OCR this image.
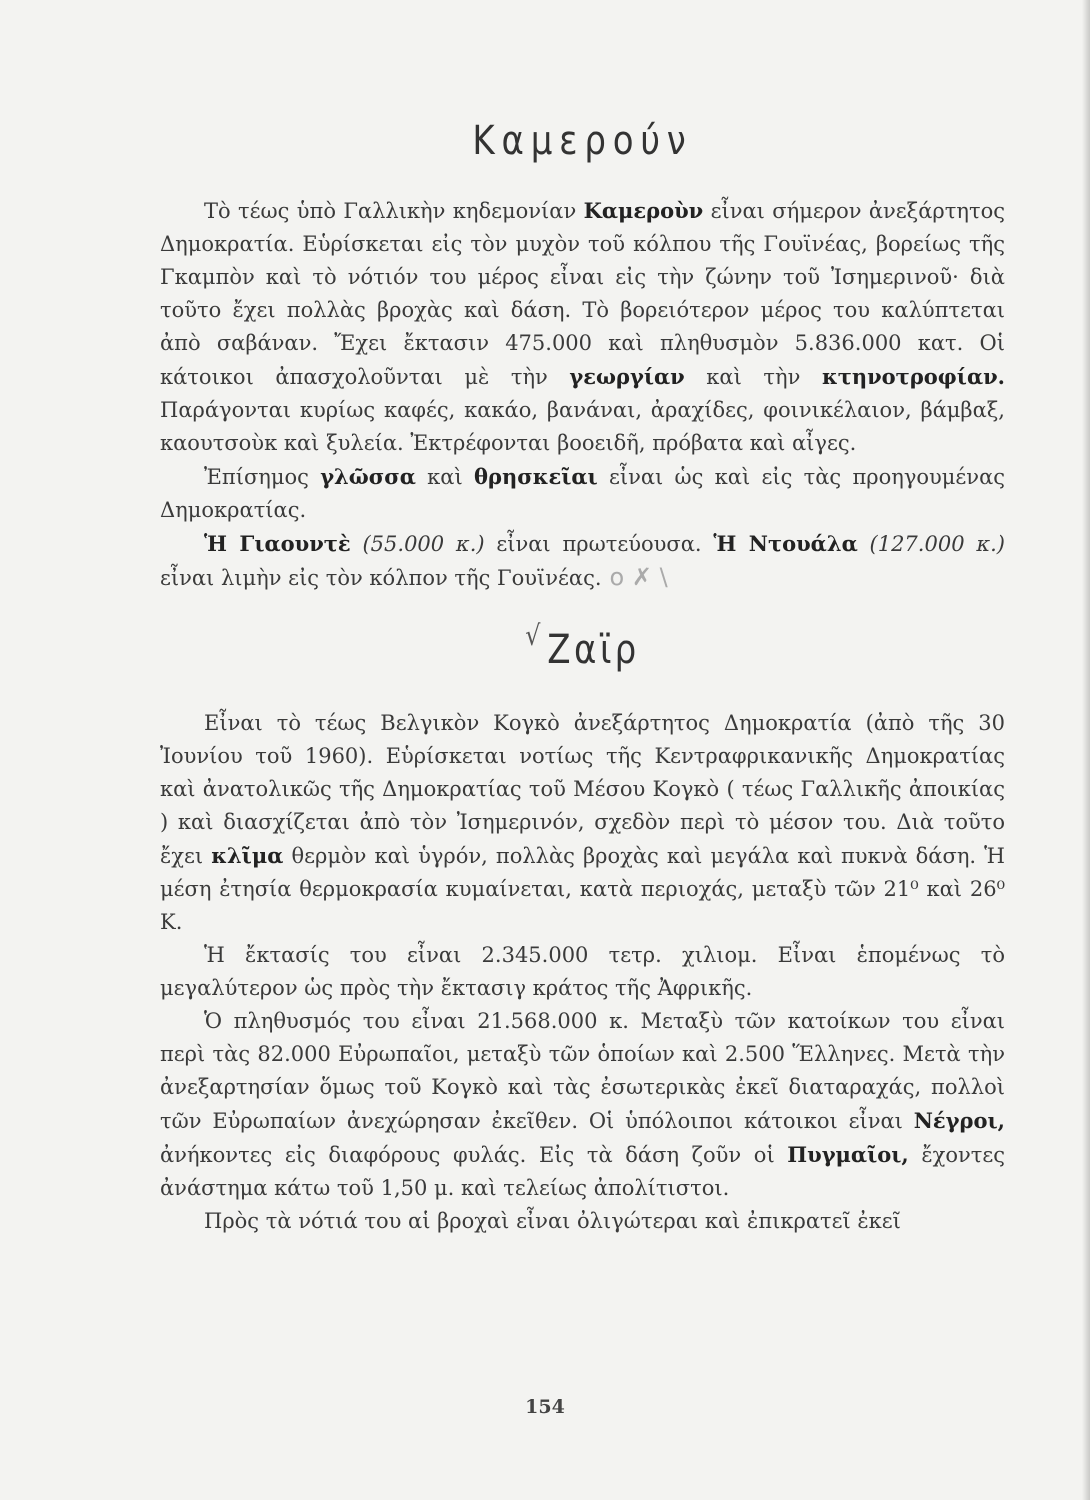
Καμερούν

Τὸ τέως ὑπὸ Γαλλικὴν κηδεμονίαν Καμεροὺν εἶναι σήμερον ἀνεξάρτητος Δημοκρατία. Εὑρίσκεται εἰς τὸν μυχὸν τοῦ κόλπου τῆς Γουϊνέας, βορείως τῆς Γκαμπὸν καὶ τὸ νότιόν του μέρος εἶναι εἰς τὴν ζώνην τοῦ Ἰσημερινοῦ· διὰ τοῦτο ἔχει πολλὰς βροχὰς καὶ δάση. Τὸ βορειότερον μέρος του καλύπτεται ἀπὸ σαβάναν. Ἔχει ἔκτασιν 475.000 καὶ πληθυσμὸν 5.836.000 κατ. Οἱ κάτοικοι ἀπασχολοῦνται μὲ τὴν γεωργίαν καὶ τὴν κτηνοτροφίαν. Παράγονται κυρίως καφές, κακάο, βανάναι, ἀραχίδες, φοινικέλαιον, βάμβαξ, καουτσοὺκ καὶ ξυλεία. Ἐκτρέφονται βοοειδῆ, πρόβατα καὶ αἶγες.

Ἐπίσημος γλῶσσα καὶ θρησκεῖαι εἶναι ὡς καὶ εἰς τὰς προηγουμένας Δημοκρατίας.

Ἡ Γιαουντὲ (55.000 κ.) εἶναι πρωτεύουσα. Ἡ Ντουάλα (127.000 κ.) εἶναι λιμὴν εἰς τὸν κόλπον τῆς Γουϊνέας. ο ✗ \

√Ζαϊρ

Εἶναι τὸ τέως Βελγικὸν Κογκὸ ἀνεξάρτητος Δημοκρατία (ἀπὸ τῆς 30 Ἰουνίου τοῦ 1960). Εὑρίσκεται νοτίως τῆς Κεντραφρικανικῆς Δημοκρατίας καὶ ἀνατολικῶς τῆς Δημοκρατίας τοῦ Μέσου Κογκὸ ( τέως Γαλλικῆς ἀποικίας ) καὶ διασχίζεται ἀπὸ τὸν Ἰσημερινόν, σχεδὸν περὶ τὸ μέσον του. Διὰ τοῦτο ἔχει κλῖμα θερμὸν καὶ ὑγρόν, πολλὰς βροχὰς καὶ μεγάλα καὶ πυκνὰ δάση. Ἡ μέση ἐτησία θερμοκρασία κυμαίνεται, κατὰ περιοχάς, μεταξὺ τῶν 21⁰ καὶ 26⁰ Κ.

Ἡ ἔκτασίς του εἶναι 2.345.000 τετρ. χιλιομ. Εἶναι ἑπομένως τὸ μεγαλύτερον ὡς πρὸς τὴν ἔκτασιγ κράτος τῆς Ἀφρικῆς.

Ὁ πληθυσμός του εἶναι 21.568.000 κ. Μεταξὺ τῶν κατοίκων του εἶναι περὶ τὰς 82.000 Εὐρωπαῖοι, μεταξὺ τῶν ὁποίων καὶ 2.500 Ἕλληνες. Μετὰ τὴν ἀνεξαρτησίαν ὅμως τοῦ Κογκὸ καὶ τὰς ἐσωτερικὰς ἐκεῖ διαταραχάς, πολλοὶ τῶν Εὐρωπαίων ἀνεχώρησαν ἐκεῖθεν. Οἱ ὑπόλοιποι κάτοικοι εἶναι Νέγροι, ἀνήκοντες εἰς διαφόρους φυλάς. Εἰς τὰ δάση ζοῦν οἱ Πυγμαῖοι, ἔχοντες ἀνάστημα κάτω τοῦ 1,50 μ. καὶ τελείως ἀπολίτιστοι.

Πρὸς τὰ νότιά του αἱ βροχαὶ εἶναι ὀλιγώτεραι καὶ ἐπικρατεῖ ἐκεῖ

154
